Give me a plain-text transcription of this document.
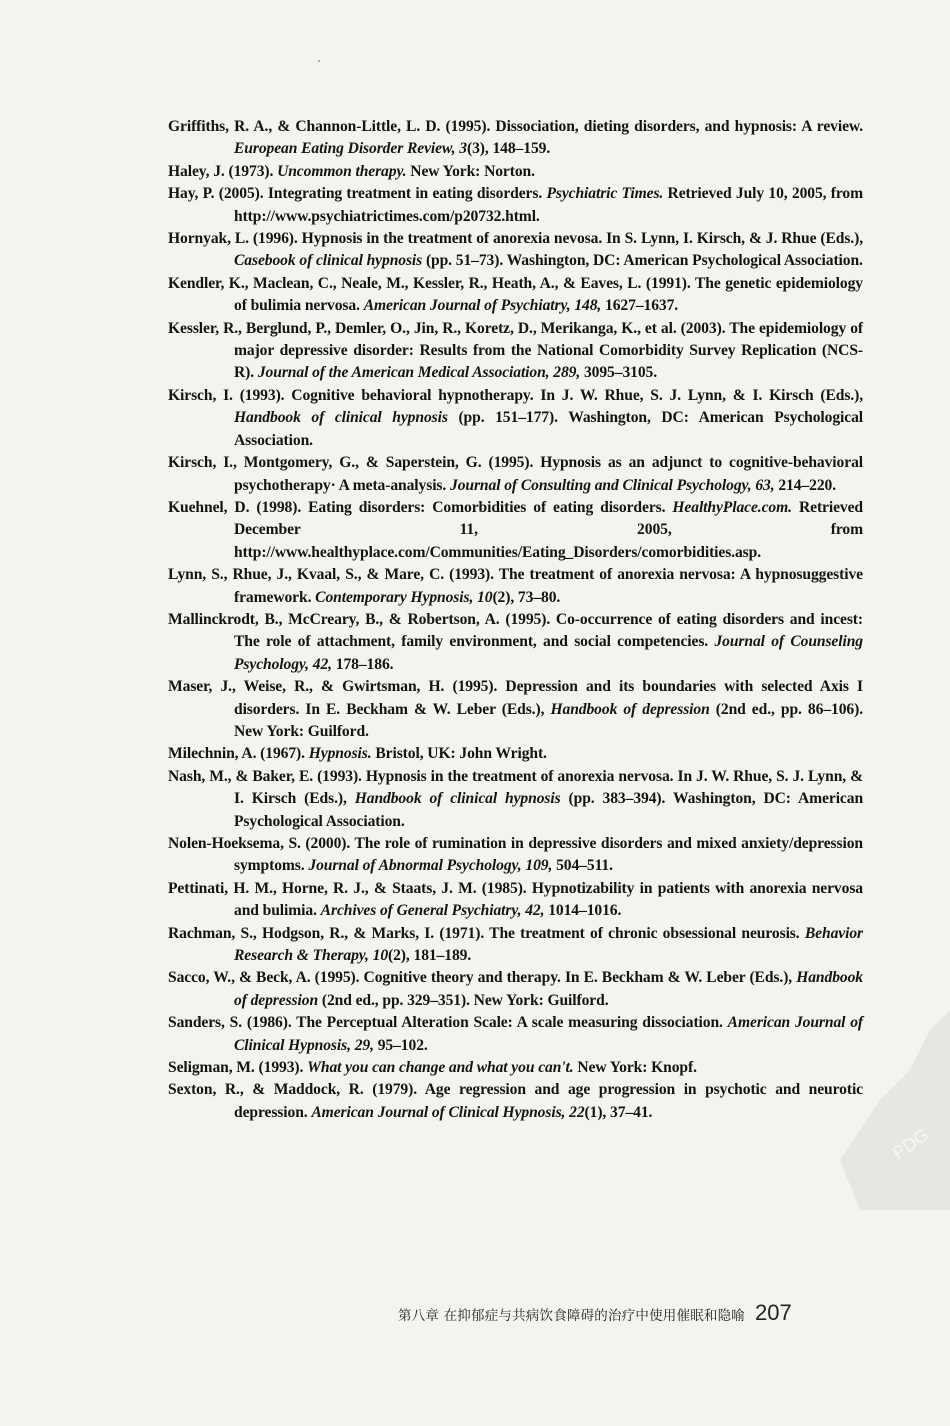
Griffiths, R. A., & Channon-Little, L. D. (1995). Dissociation, dieting disorders, and hypnosis: A review. European Eating Disorder Review, 3(3), 148–159.

Haley, J. (1973). Uncommon therapy. New York: Norton.

Hay, P. (2005). Integrating treatment in eating disorders. Psychiatric Times. Retrieved July 10, 2005, from http://www.psychiatrictimes.com/p20732.html.

Hornyak, L. (1996). Hypnosis in the treatment of anorexia nevosa. In S. Lynn, I. Kirsch, & J. Rhue (Eds.), Casebook of clinical hypnosis (pp. 51–73). Washington, DC: American Psychological Association.

Kendler, K., Maclean, C., Neale, M., Kessler, R., Heath, A., & Eaves, L. (1991). The genetic epidemiology of bulimia nervosa. American Journal of Psychiatry, 148, 1627–1637.

Kessler, R., Berglund, P., Demler, O., Jin, R., Koretz, D., Merikanga, K., et al. (2003). The epidemiology of major depressive disorder: Results from the National Comorbidity Survey Replication (NCS-R). Journal of the American Medical Association, 289, 3095–3105.

Kirsch, I. (1993). Cognitive behavioral hypnotherapy. In J. W. Rhue, S. J. Lynn, & I. Kirsch (Eds.), Handbook of clinical hypnosis (pp. 151–177). Washington, DC: American Psychological Association.

Kirsch, I., Montgomery, G., & Saperstein, G. (1995). Hypnosis as an adjunct to cognitive-behavioral psychotherapy· A meta-analysis. Journal of Consulting and Clinical Psychology, 63, 214–220.

Kuehnel, D. (1998). Eating disorders: Comorbidities of eating disorders. HealthyPlace.com. Retrieved December 11, 2005, from http://www.healthyplace.com/Communities/Eating_Disorders/comorbidities.asp.

Lynn, S., Rhue, J., Kvaal, S., & Mare, C. (1993). The treatment of anorexia nervosa: A hypnosuggestive framework. Contemporary Hypnosis, 10(2), 73–80.

Mallinckrodt, B., McCreary, B., & Robertson, A. (1995). Co-occurrence of eating disorders and incest: The role of attachment, family environment, and social competencies. Journal of Counseling Psychology, 42, 178–186.

Maser, J., Weise, R., & Gwirtsman, H. (1995). Depression and its boundaries with selected Axis I disorders. In E. Beckham & W. Leber (Eds.), Handbook of depression (2nd ed., pp. 86–106). New York: Guilford.

Milechnin, A. (1967). Hypnosis. Bristol, UK: John Wright.

Nash, M., & Baker, E. (1993). Hypnosis in the treatment of anorexia nervosa. In J. W. Rhue, S. J. Lynn, & I. Kirsch (Eds.), Handbook of clinical hypnosis (pp. 383–394). Washington, DC: American Psychological Association.

Nolen-Hoeksema, S. (2000). The role of rumination in depressive disorders and mixed anxiety/depression symptoms. Journal of Abnormal Psychology, 109, 504–511.

Pettinati, H. M., Horne, R. J., & Staats, J. M. (1985). Hypnotizability in patients with anorexia nervosa and bulimia. Archives of General Psychiatry, 42, 1014–1016.

Rachman, S., Hodgson, R., & Marks, I. (1971). The treatment of chronic obsessional neurosis. Behavior Research & Therapy, 10(2), 181–189.

Sacco, W., & Beck, A. (1995). Cognitive theory and therapy. In E. Beckham & W. Leber (Eds.), Handbook of depression (2nd ed., pp. 329–351). New York: Guilford.

Sanders, S. (1986). The Perceptual Alteration Scale: A scale measuring dissociation. American Journal of Clinical Hypnosis, 29, 95–102.

Seligman, M. (1993). What you can change and what you can't. New York: Knopf.

Sexton, R., & Maddock, R. (1979). Age regression and age progression in psychotic and neurotic depression. American Journal of Clinical Hypnosis, 22(1), 37–41.

PDG
第八章 在抑郁症与共病饮食障碍的治疗中使用催眠和隐喻 207
